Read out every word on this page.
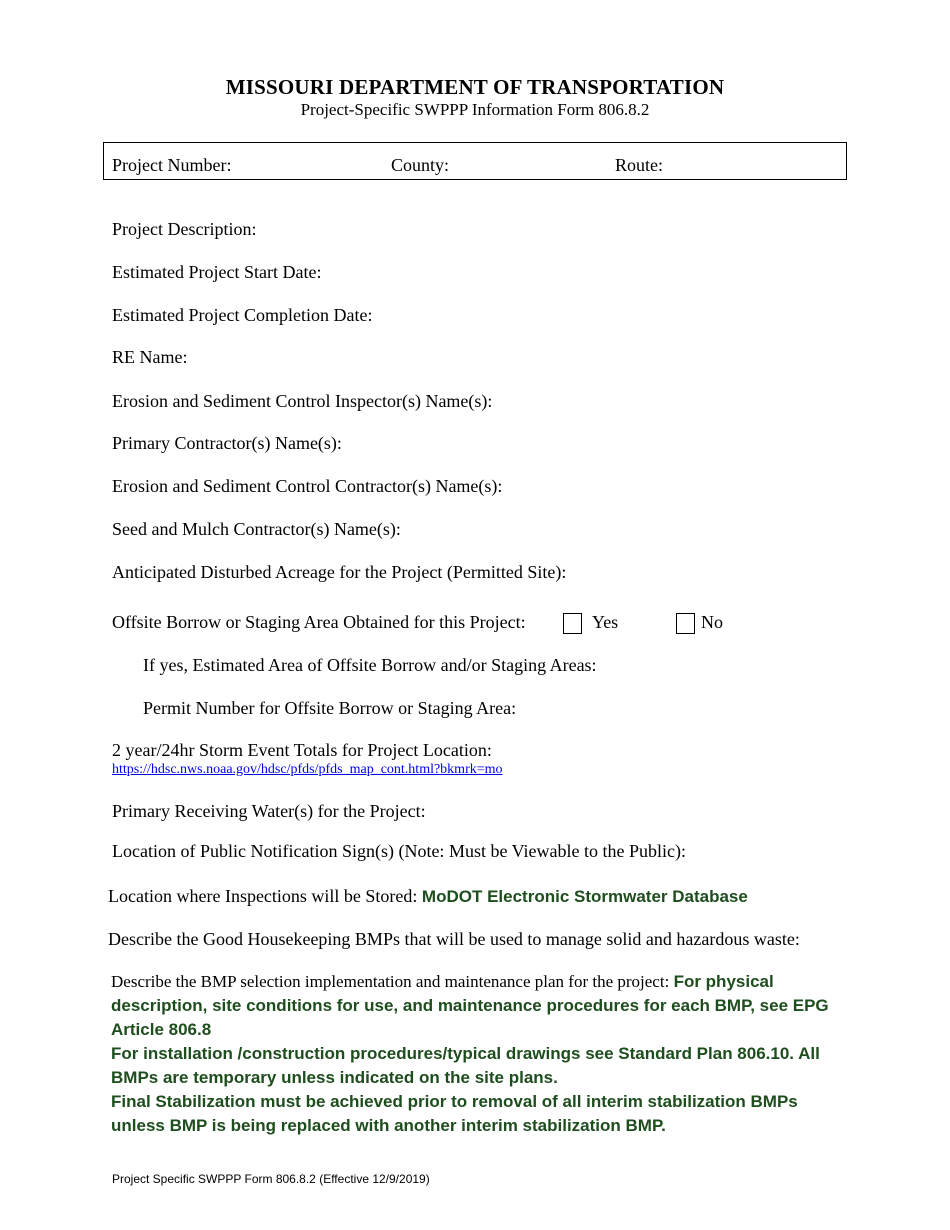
MISSOURI DEPARTMENT OF TRANSPORTATION
Project-Specific SWPPP Information Form 806.8.2
Project Number:	County:	Route:
Project Description:
Estimated Project Start Date:
Estimated Project Completion Date:
RE Name:
Erosion and Sediment Control Inspector(s) Name(s):
Primary Contractor(s) Name(s):
Erosion and Sediment Control Contractor(s) Name(s):
Seed and Mulch Contractor(s) Name(s):
Anticipated Disturbed Acreage for the Project (Permitted Site):
Offsite Borrow or Staging Area Obtained for this Project:	Yes	No
If yes, Estimated Area of Offsite Borrow and/or Staging Areas:
Permit Number for Offsite Borrow or Staging Area:
2 year/24hr Storm Event Totals for Project Location:
https://hdsc.nws.noaa.gov/hdsc/pfds/pfds_map_cont.html?bkmrk=mo
Primary Receiving Water(s) for the Project:
Location of Public Notification Sign(s) (Note: Must be Viewable to the Public):
Location where Inspections will be Stored: MoDOT Electronic Stormwater Database
Describe the Good Housekeeping BMPs that will be used to manage solid and hazardous waste:
Describe the BMP selection implementation and maintenance plan for the project: For physical description, site conditions for use, and maintenance procedures for each BMP, see EPG Article 806.8
For installation /construction procedures/typical drawings see Standard Plan 806.10. All BMPs are temporary unless indicated on the site plans.
Final Stabilization must be achieved prior to removal of all interim stabilization BMPs unless BMP is being replaced with another interim stabilization BMP.
Project Specific SWPPP Form 806.8.2 (Effective 12/9/2019)
